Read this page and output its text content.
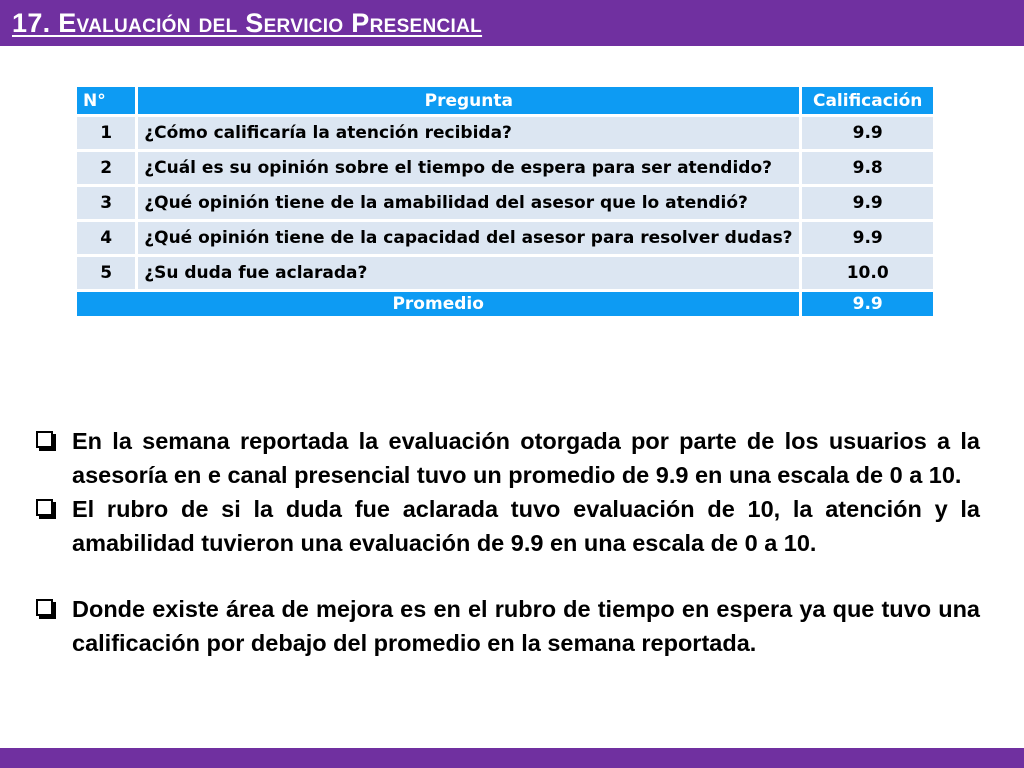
17. Evaluación del Servicio Presencial
N°	Pregunta	Calificación
1	¿Cómo calificaría la atención recibida?	9.9
2	¿Cuál es su opinión sobre el tiempo de espera para ser atendido?	9.8
3	¿Qué opinión tiene de la amabilidad del asesor que lo atendió?	9.9
4	¿Qué opinión tiene de la capacidad del asesor para resolver dudas?	9.9
5	¿Su duda fue aclarada?	10.0
Promedio		9.9
En la semana reportada la evaluación otorgada por parte de los usuarios a la asesoría en e canal presencial tuvo un promedio de 9.9 en una escala de 0 a 10.
El rubro de si la duda fue aclarada tuvo evaluación de 10, la atención y la amabilidad tuvieron una evaluación de 9.9 en una escala de 0 a 10.
Donde existe área de mejora es en el rubro de tiempo en espera ya que tuvo una calificación por debajo del promedio en la semana reportada.
